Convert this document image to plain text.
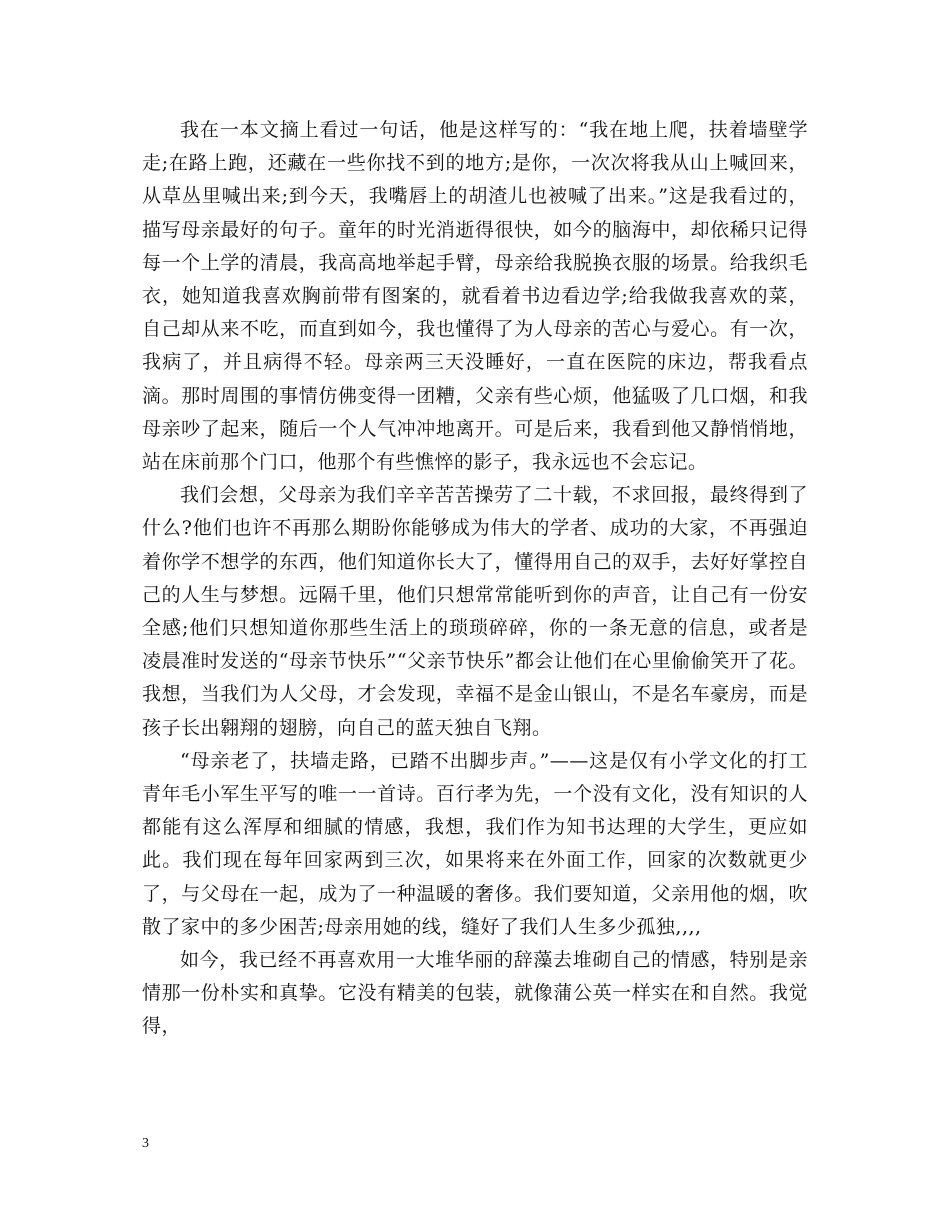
我在一本文摘上看过一句话，他是这样写的：“我在地上爬，扶着墙壁学走;在路上跑，还藏在一些你找不到的地方;是你，一次次将我从山上喊回来，从草丛里喊出来;到今天，我嘴唇上的胡渣儿也被喊了出来。”这是我看过的，描写母亲最好的句子。童年的时光消逝得很快，如今的脑海中，却依稀只记得每一个上学的清晨，我高高地举起手臂，母亲给我脱换衣服的场景。给我织毛衣，她知道我喜欢胸前带有图案的，就看着书边看边学;给我做我喜欢的菜，自己却从来不吃，而直到如今，我也懂得了为人母亲的苦心与爱心。有一次，我病了，并且病得不轻。母亲两三天没睡好，一直在医院的床边，帮我看点滴。那时周围的事情仿佛变得一团糟，父亲有些心烦，他猛吸了几口烟，和我母亲吵了起来，随后一个人气冲冲地离开。可是后来，我看到他又静悄悄地，站在床前那个门口，他那个有些憔悴的影子，我永远也不会忘记。

我们会想，父母亲为我们辛辛苦苦操劳了二十载，不求回报，最终得到了什么?他们也许不再那么期盼你能够成为伟大的学者、成功的大家，不再强迫着你学不想学的东西，他们知道你长大了，懂得用自己的双手，去好好掌控自己的人生与梦想。远隔千里，他们只想常常能听到你的声音，让自己有一份安全感;他们只想知道你那些生活上的琐琐碎碎，你的一条无意的信息，或者是凌晨准时发送的“母亲节快乐”“父亲节快乐”都会让他们在心里偷偷笑开了花。我想，当我们为人父母，才会发现，幸福不是金山银山，不是名车豪房，而是孩子长出翱翔的翅膀，向自己的蓝天独自飞翔。

“母亲老了，扶墙走路，已踏不出脚步声。”——这是仅有小学文化的打工青年毛小军生平写的唯一一首诗。百行孝为先，一个没有文化，没有知识的人都能有这么浑厚和细腻的情感，我想，我们作为知书达理的大学生，更应如此。我们现在每年回家两到三次，如果将来在外面工作，回家的次数就更少了，与父母在一起，成为了一种温暖的奢侈。我们要知道，父亲用他的烟，吹散了家中的多少困苦;母亲用她的线，缝好了我们人生多少孤独,,,,

如今，我已经不再喜欢用一大堆华丽的辞藻去堆砌自己的情感，特别是亲情那一份朴实和真挚。它没有精美的包装，就像蒲公英一样实在和自然。我觉得，

3
